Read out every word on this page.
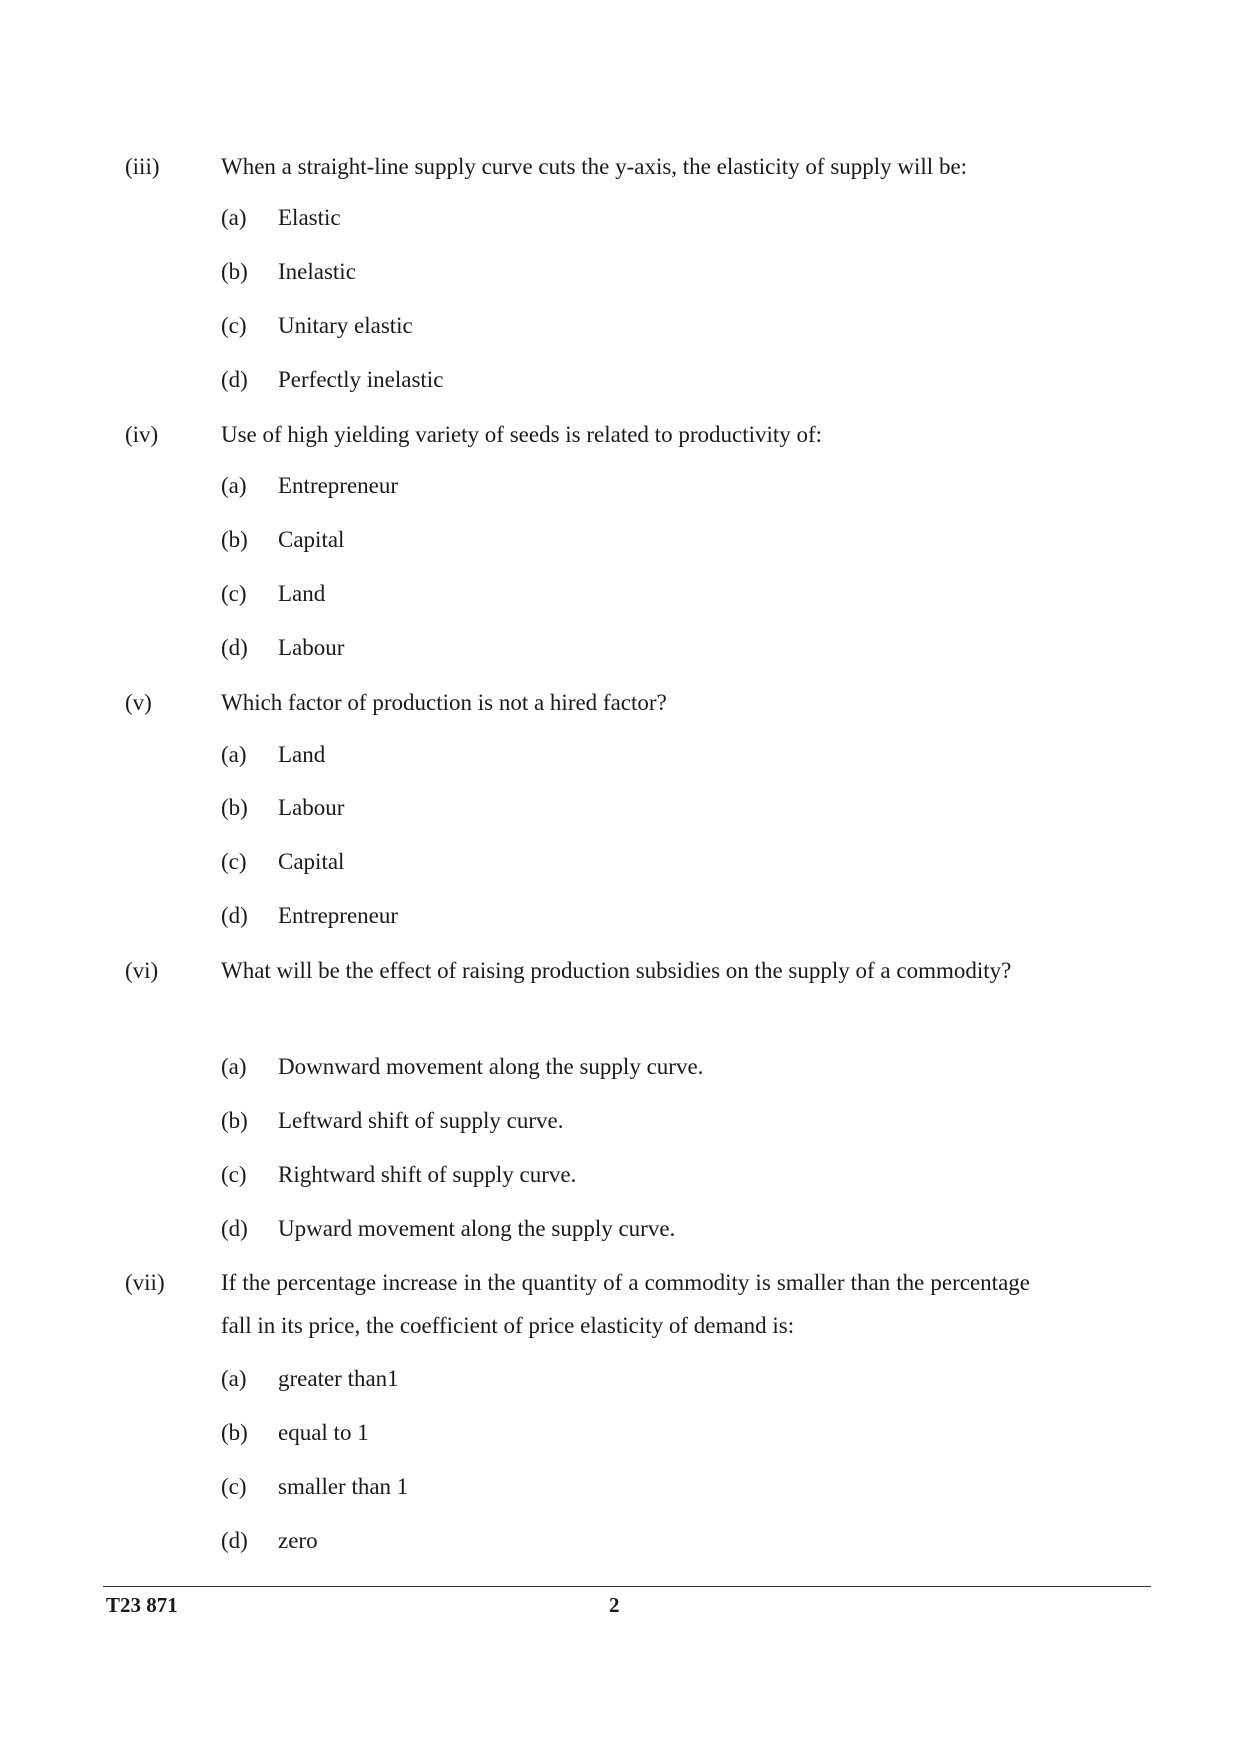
(iii)	When a straight-line supply curve cuts the y-axis, the elasticity of supply will be:
(a) Elastic
(b) Inelastic
(c) Unitary elastic
(d) Perfectly inelastic
(iv)	Use of high yielding variety of seeds is related to productivity of:
(a) Entrepreneur
(b) Capital
(c) Land
(d) Labour
(v)	Which factor of production is not a hired factor?
(a) Land
(b) Labour
(c) Capital
(d) Entrepreneur
(vi)	What will be the effect of raising production subsidies on the supply of a commodity?
(a) Downward movement along the supply curve.
(b) Leftward shift of supply curve.
(c) Rightward shift of supply curve.
(d) Upward movement along the supply curve.
(vii) If the percentage increase in the quantity of a commodity is smaller than the percentage fall in its price, the coefficient of price elasticity of demand is:
(a) greater than1
(b) equal to 1
(c) smaller than 1
(d) zero
T23 871	2
